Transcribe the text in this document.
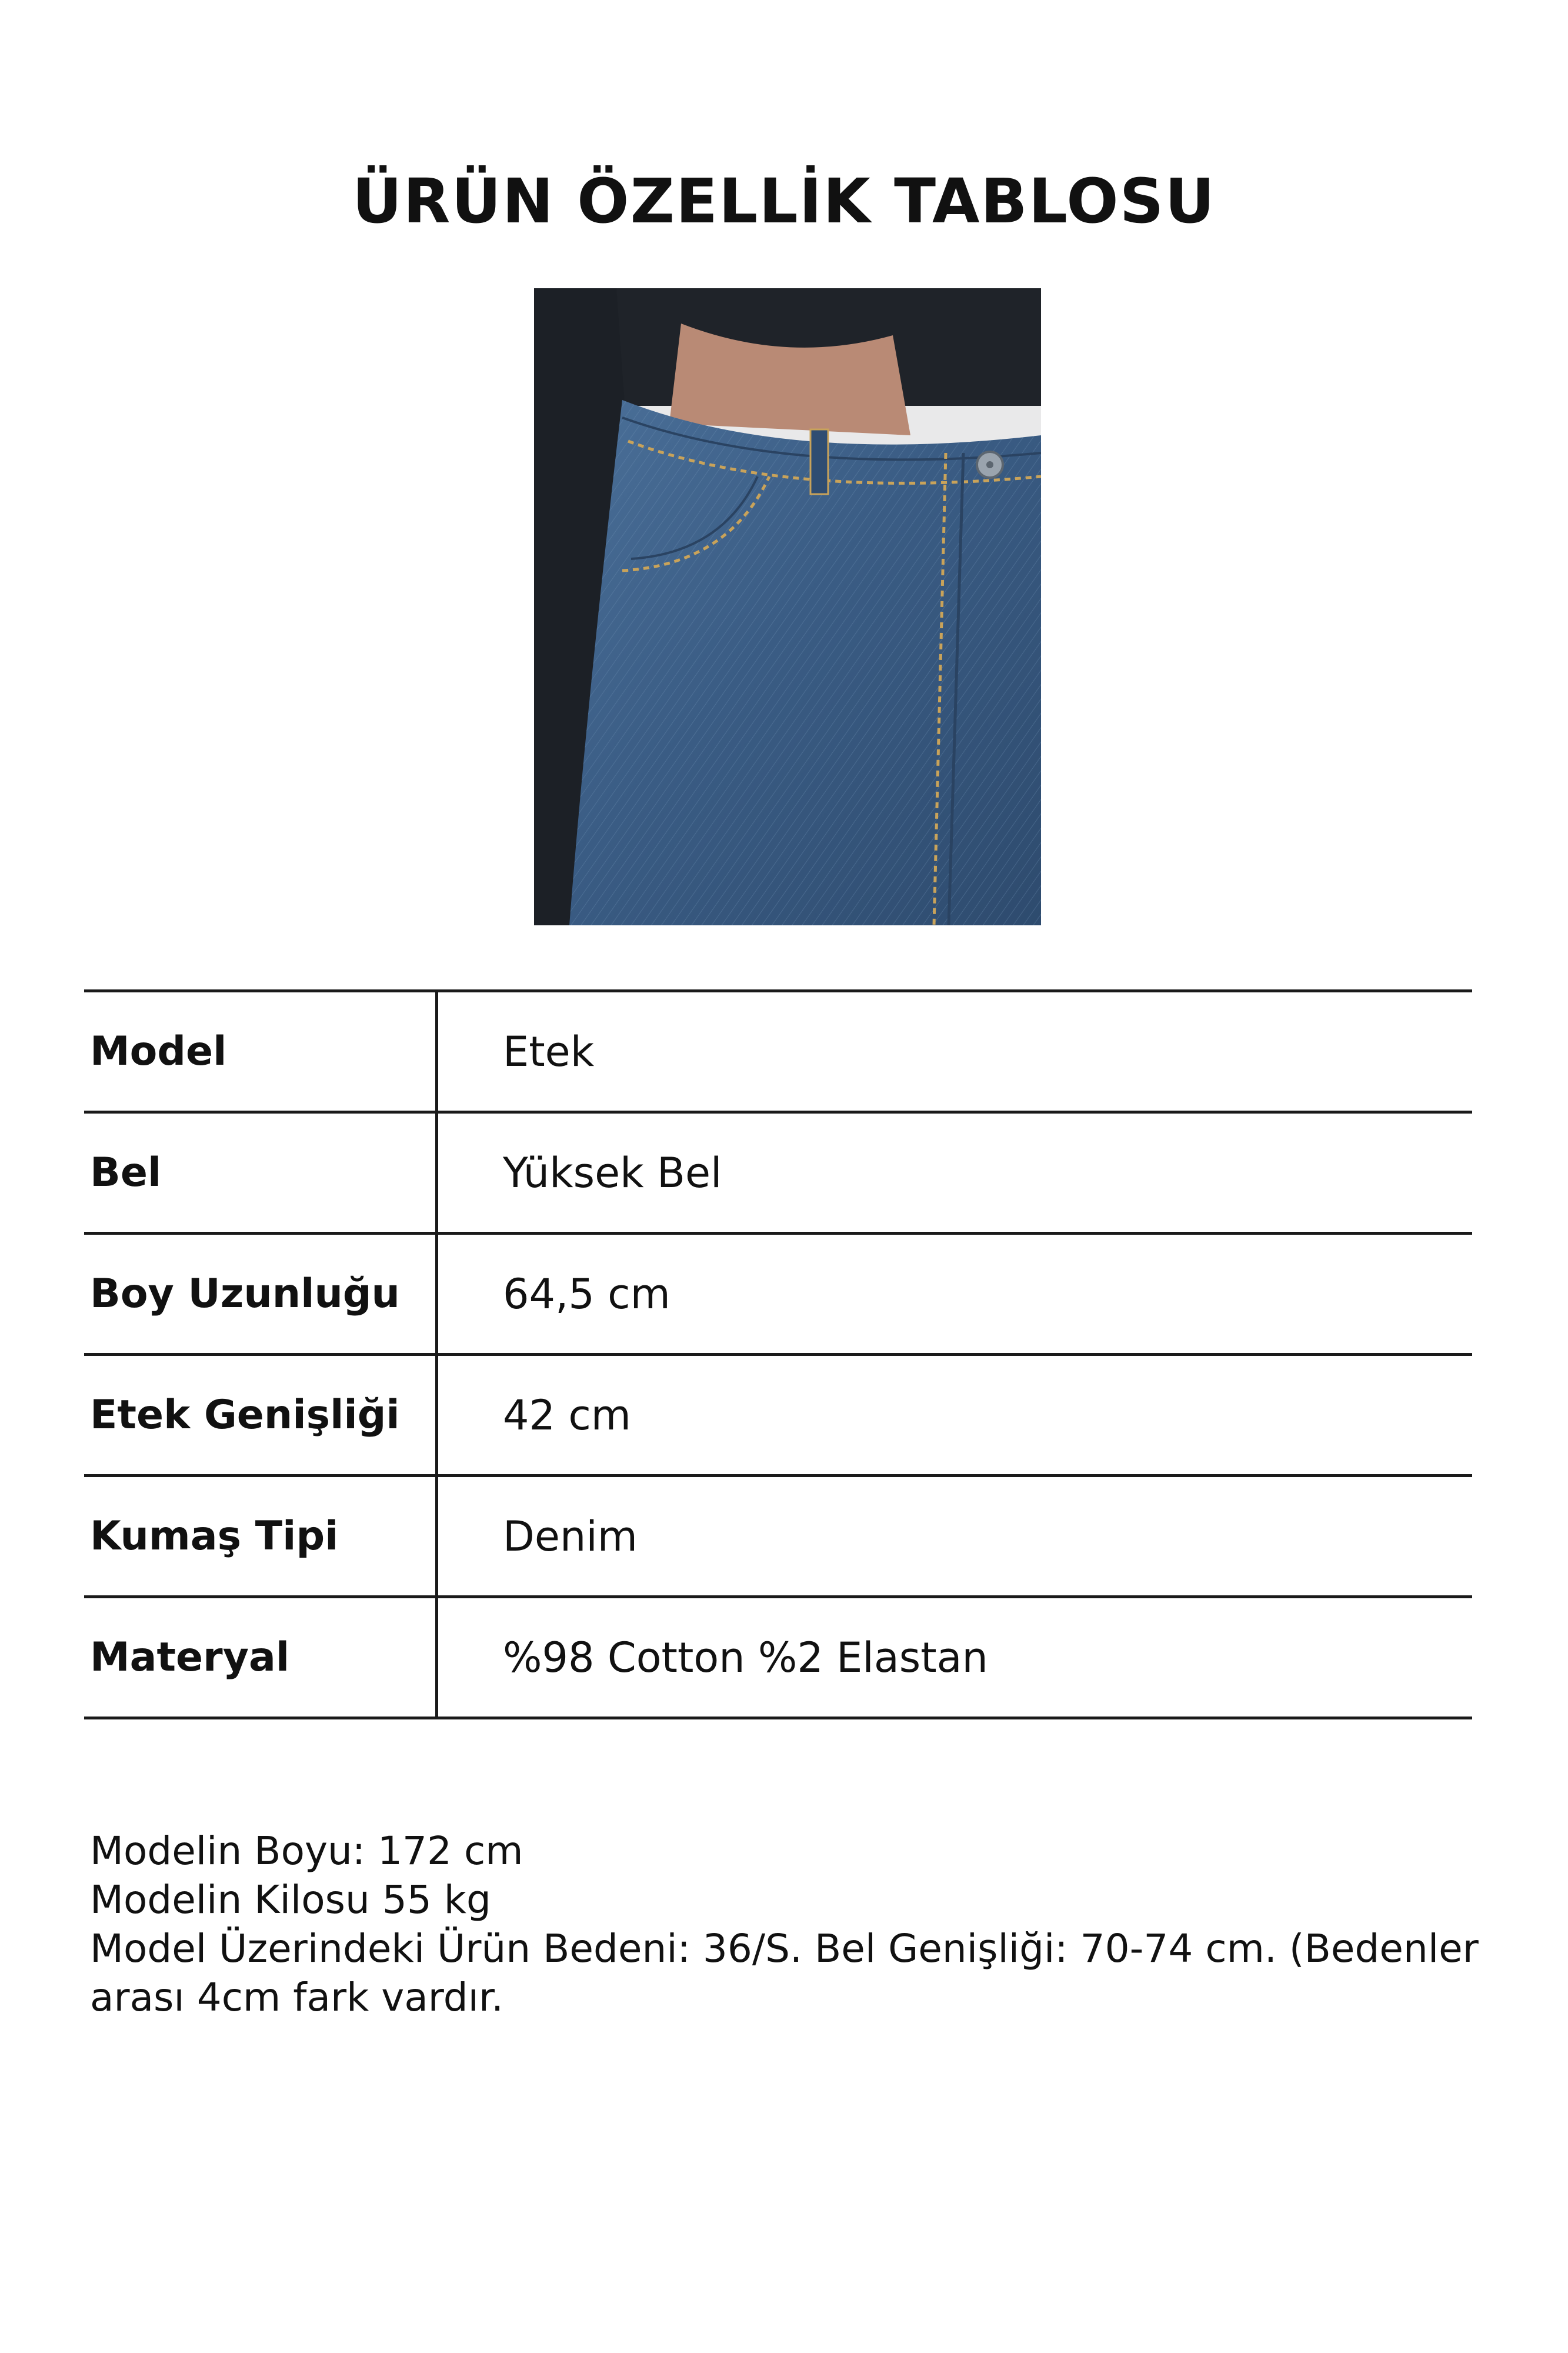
ÜRÜN ÖZELLİK TABLOSU
Model	Etek
Bel	Yüksek Bel
Boy Uzunluğu	64,5 cm
Etek Genişliği	42 cm
Kumaş Tipi	Denim
Materyal	%98 Cotton %2 Elastan
Modelin Boyu: 172 cm
Modelin Kilosu 55 kg
Model Üzerindeki Ürün Bedeni: 36/S. Bel Genişliği: 70-74 cm. (Bedenler
arası 4cm fark vardır.
